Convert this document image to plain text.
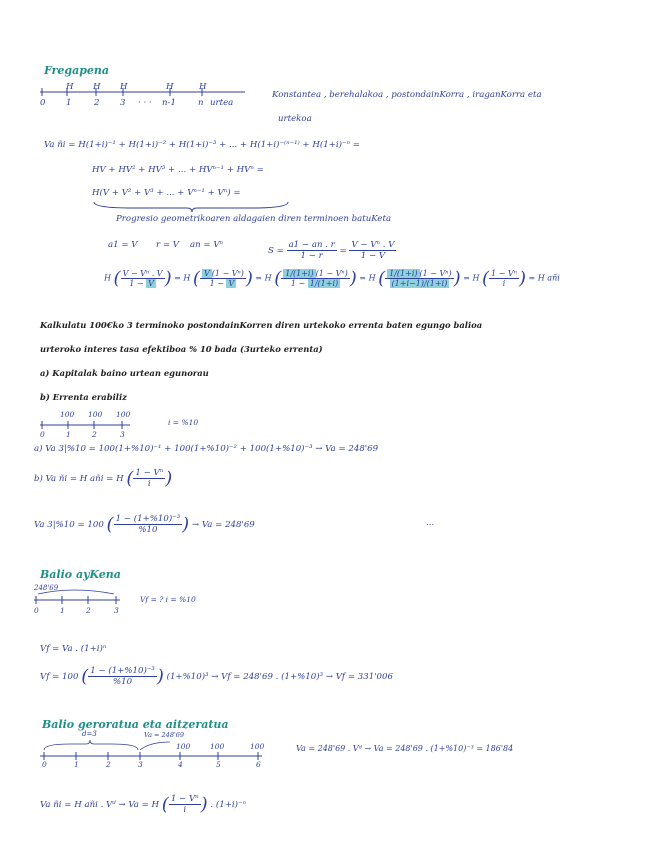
Fregapena
H H H	H	H
0 1	2 3 · · · n-1	n urtea
Konstantea , berehalakoa , postondainKorra , iraganKorra eta
urtekoa
Va ñi = H(1+i)⁻¹ + H(1+i)⁻² + H(1+i)⁻³ + ... + H(1+i)⁻⁽ⁿ⁻¹⁾ + H(1+i)⁻ⁿ =
HV + HV² + HV³ + ... + HVⁿ⁻¹ + HVⁿ =
H(V + V² + V³ + ... + Vⁿ⁻¹ + Vⁿ) =
Progresio geometrikoaren aldagaien diren terminoen batuKeta
a1 = V r = V an = Vⁿ
$S = \frac{a1 - an . r}{1 - r} = \frac{\text{V − Vⁿ . V}}{1 - V}$
H ( $\frac{\text{V − Vⁿ . V}}{1 - V}$ ) = H ( $\frac{\text{V (1 − Vⁿ)}}{1 - V}$ ) = H ( $\frac{\text{1/(1+i) (1 − Vⁿ)}}{1 - 1/(1+i)}$ ) = H ( $\frac{\text{1/(1+i) (1 − Vⁿ)}}{(1+i-1)/(1+i)}$ ) = H ( $\frac{\text{1 − Vⁿ}}{i}$ ) = H añi
Kalkulatu 100€ko 3 terminoko postondainKorren diren urtekoko errenta baten egungo balioa
urteroko interes tasa efektiboa % 10 bada (3urteko errenta)
a) Kapitalak baino urtean egunorau
b) Errenta erabiliz
100 100 100
i = %10
0	1	2	3
a) Va 3|%10 = 100(1+%10)⁻¹ + 100(1+%10)⁻² + 100(1+%10)⁻³ → Va = 248'69
b) Va ñi = H añi = H ( $\frac{\text{1 − Vⁿ}}{i}$ )
Va 3|%10 = 100 ( $\frac{\text{1 − (1+\%10)⁻³}}{\%10}$ ) → Va = 248'69	...
Balio ayKena
248'69
Vf = ? i = %10
0	1	2	3
Vf = Va . (1+i)ⁿ
Vf = 100 ( $\frac{\text{1 − (1+\%10)⁻³}}{\%10}$ ) (1+%10)³ → Vf = 248'69 . (1+%10)³ → Vf = 331'006
Balio geroratua eta aitzeratua
d=3	Va = 248'69
100	100	100
0	1	2	3	4	5	6
Va = 248'69 . Vᵈ → Va = 248'69 . (1+%10)⁻³ = 186'84
Va ñi = H añi . Vᵈ → Va = H ( $\frac{\text{1 − Vⁿ}}{i}$ ) . (1+i)⁻ⁿ
